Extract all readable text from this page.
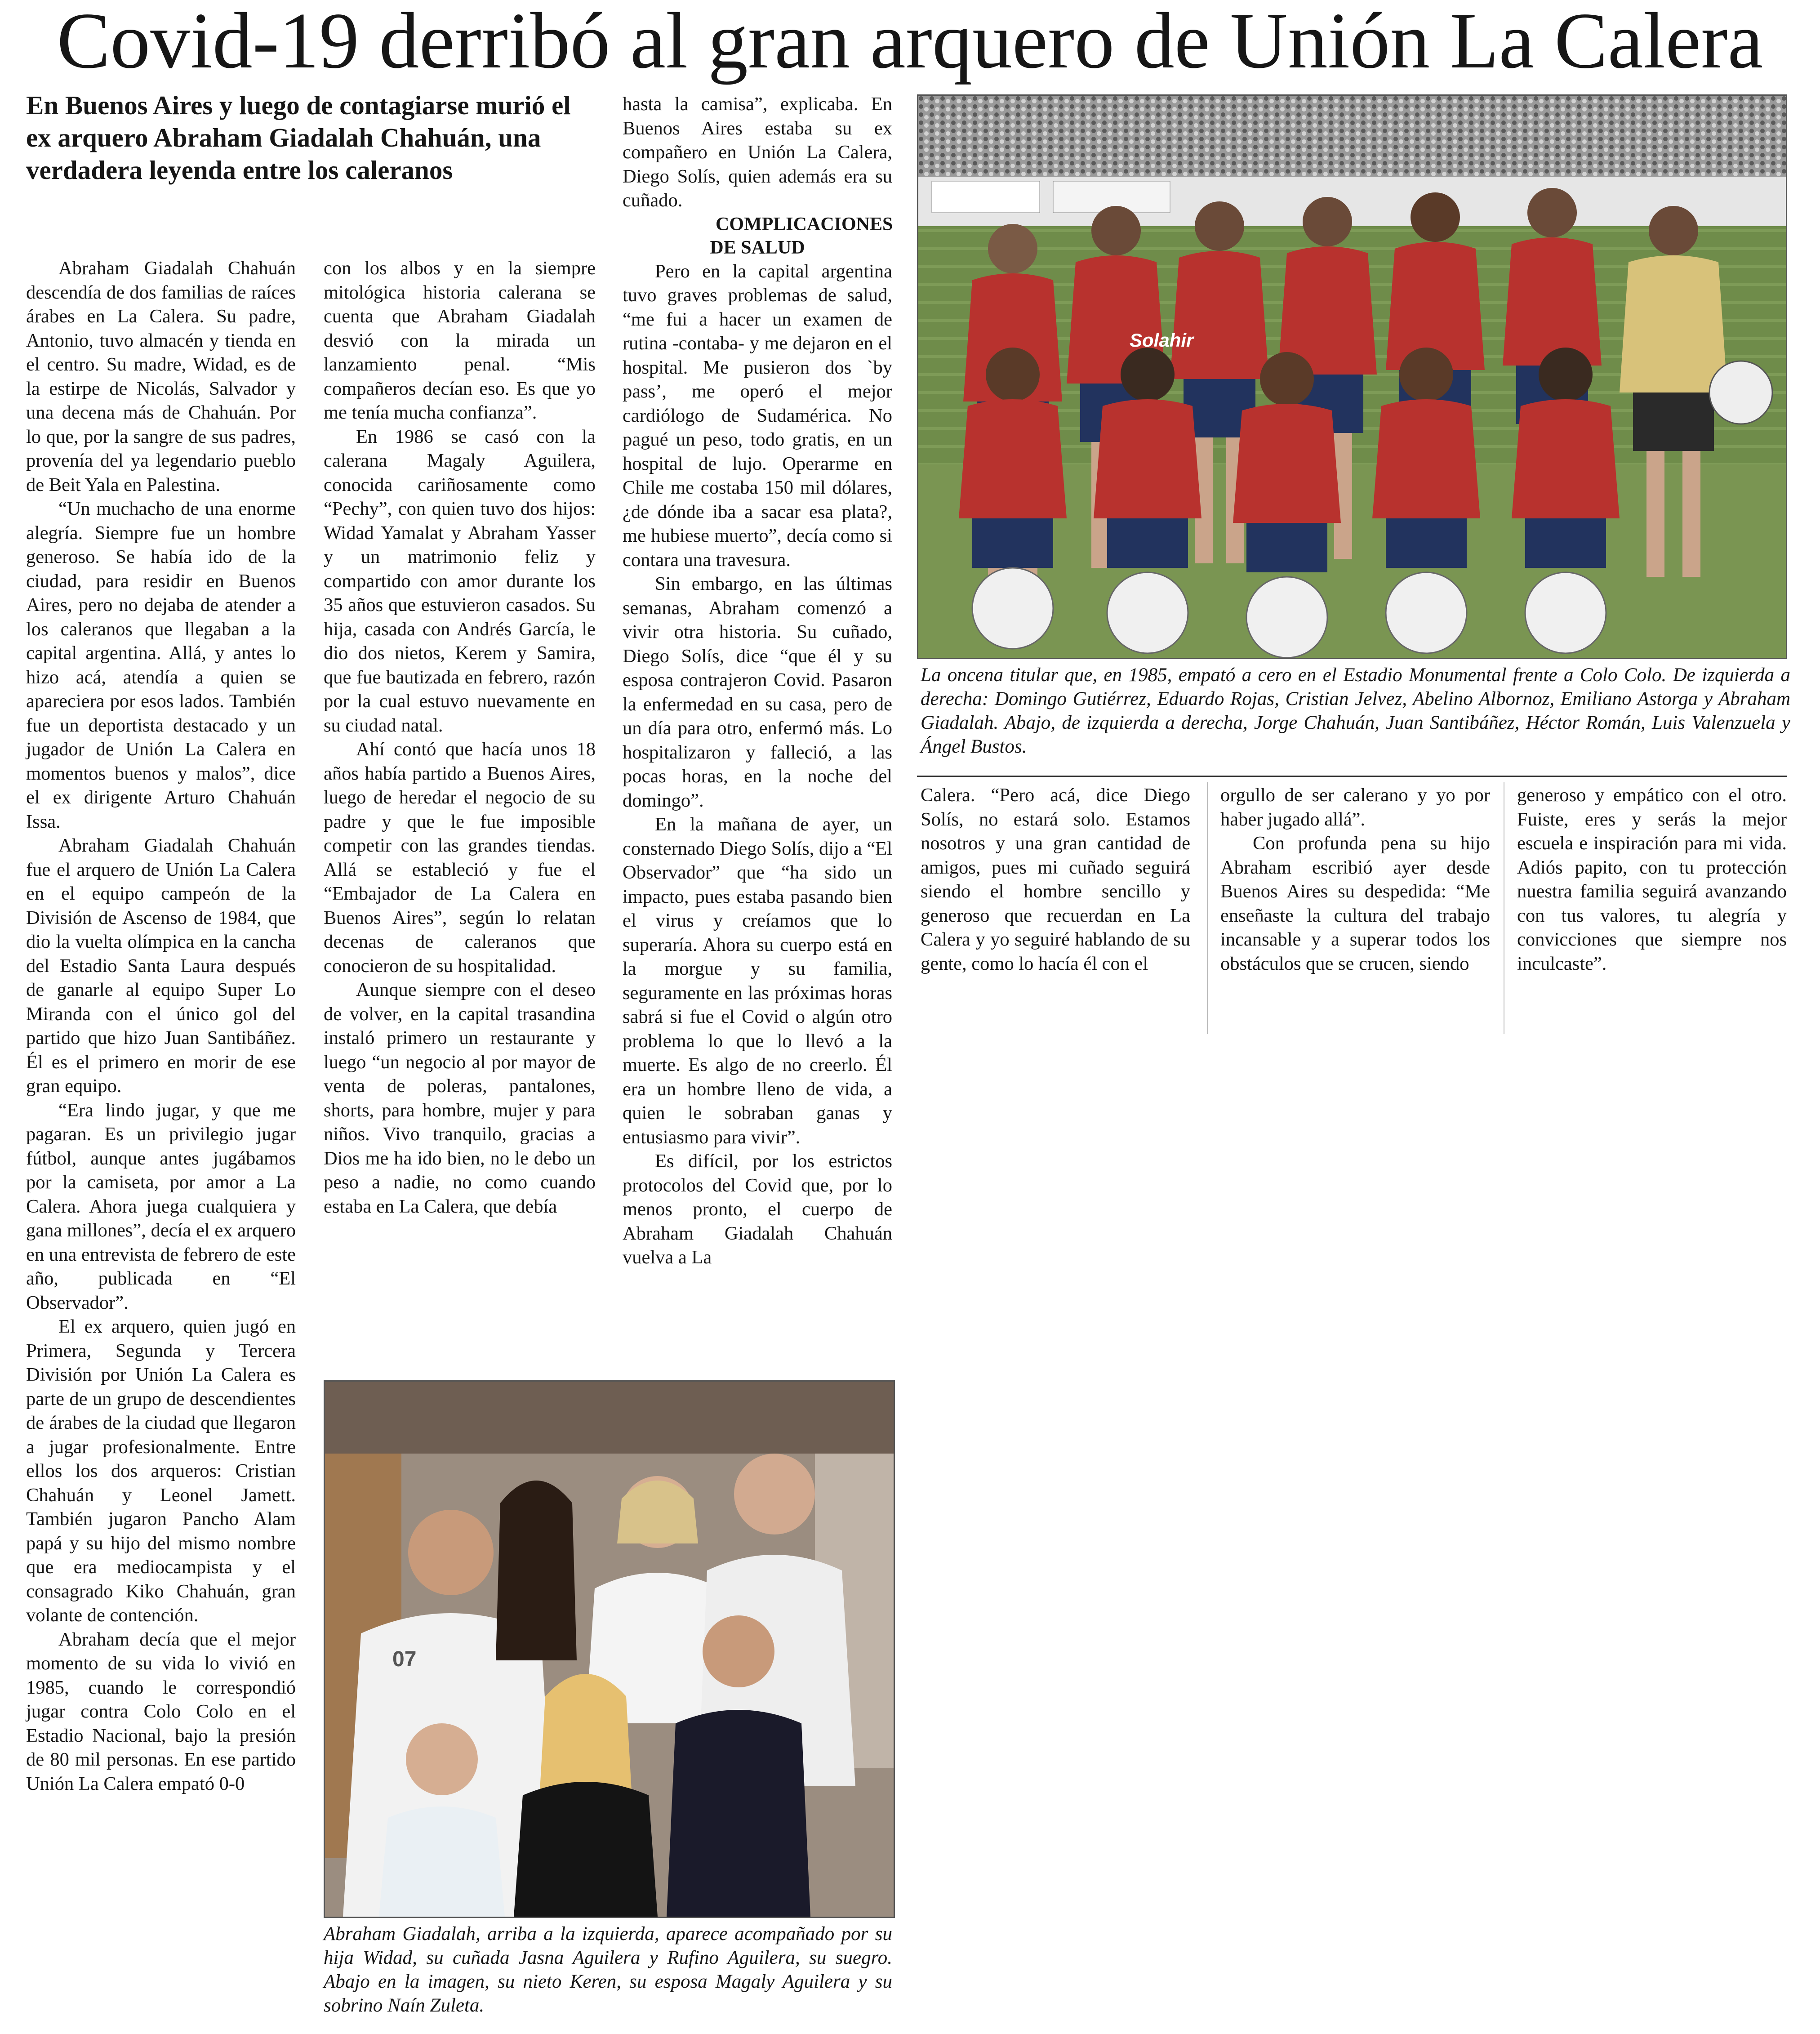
Covid-19 derribó al gran arquero de Unión La Calera
En Buenos Aires y luego de contagiarse murió el ex arquero Abraham Giadalah Chahuán, una verdadera leyenda entre los caleranos

Abraham Giadalah Chahuán descendía de dos familias de raíces árabes en La Calera. Su padre, Antonio, tuvo almacén y tienda en el centro. Su madre, Widad, es de la estirpe de Nicolás, Salvador y una decena más de Chahuán. Por lo que, por la sangre de sus padres, provenía del ya legendario pueblo de Beit Yala en Palestina.

“Un muchacho de una enorme alegría. Siempre fue un hombre generoso. Se había ido de la ciudad, para residir en Buenos Aires, pero no dejaba de atender a los caleranos que llegaban a la capital argentina. Allá, y antes lo hizo acá, atendía a quien se apareciera por esos lados. También fue un deportista destacado y un jugador de Unión La Calera en momentos buenos y malos”, dice el ex dirigente Arturo Chahuán Issa.

Abraham Giadalah Chahuán fue el arquero de Unión La Calera en el equipo campeón de la División de Ascenso de 1984, que dio la vuelta olímpica en la cancha del Estadio Santa Laura después de ganarle al equipo Super Lo Miranda con el único gol del partido que hizo Juan Santibáñez. Él es el primero en morir de ese gran equipo.

“Era lindo jugar, y que me pagaran. Es un privilegio jugar fútbol, aunque antes jugábamos por la camiseta, por amor a La Calera. Ahora juega cualquiera y gana millones”, decía el ex arquero en una entrevista de febrero de este año, publicada en “El Observador”.

El ex arquero, quien jugó en Primera, Segunda y Tercera División por Unión La Calera es parte de un grupo de descendientes de árabes de la ciudad que llegaron a jugar profesionalmente. Entre ellos los dos arqueros: Cristian Chahuán y Leonel Jamett. También jugaron Pancho Alam papá y su hijo del mismo nombre que era mediocampista y el consagrado Kiko Chahuán, gran volante de contención.

Abraham decía que el mejor momento de su vida lo vivió en 1985, cuando le correspondió jugar contra Colo Colo en el Estadio Nacional, bajo la presión de 80 mil personas. En ese partido Unión La Calera empató 0-0

con los albos y en la siempre mitológica historia calerana se cuenta que Abraham Giadalah desvió con la mirada un lanzamiento penal. “Mis compañeros decían eso. Es que yo me tenía mucha confianza”.

En 1986 se casó con la calerana Magaly Aguilera, conocida cariñosamente como “Pechy”, con quien tuvo dos hijos: Widad Yamalat y Abraham Yasser y un matrimonio feliz y compartido con amor durante los 35 años que estuvieron casados. Su hija, casada con Andrés García, le dio dos nietos, Kerem y Samira, que fue bautizada en febrero, razón por la cual estuvo nuevamente en su ciudad natal.

Ahí contó que hacía unos 18 años había partido a Buenos Aires, luego de heredar el negocio de su padre y que le fue imposible competir con las grandes tiendas. Allá se estableció y fue el “Embajador de La Calera en Buenos Aires”, según lo relatan decenas de caleranos que conocieron de su hospitalidad.

Aunque siempre con el deseo de volver, en la capital trasandina instaló primero un restaurante y luego “un negocio al por mayor de venta de poleras, pantalones, shorts, para hombre, mujer y para niños. Vivo tranquilo, gracias a Dios me ha ido bien, no le debo un peso a nadie, no como cuando estaba en La Calera, que debía

hasta la camisa”, explicaba. En Buenos Aires estaba su ex compañero en Unión La Calera, Diego Solís, quien además era su cuñado.

COMPLICACIONES DE SALUD

Pero en la capital argentina tuvo graves problemas de salud, “me fui a hacer un examen de rutina -contaba- y me dejaron en el hospital. Me pusieron dos `by pass’, me operó el mejor cardiólogo de Sudamérica. No pagué un peso, todo gratis, en un hospital de lujo. Operarme en Chile me costaba 150 mil dólares, ¿de dónde iba a sacar esa plata?, me hubiese muerto”, decía como si contara una travesura.

Sin embargo, en las últimas semanas, Abraham comenzó a vivir otra historia. Su cuñado, Diego Solís, dice “que él y su esposa contrajeron Covid. Pasaron la enfermedad en su casa, pero de un día para otro, enfermó más. Lo hospitalizaron y falleció, a las pocas horas, en la noche del domingo”.

En la mañana de ayer, un consternado Diego Solís, dijo a “El Observador” que “ha sido un impacto, pues estaba pasando bien el virus y creíamos que lo superaría. Ahora su cuerpo está en la morgue y su familia, seguramente en las próximas horas sabrá si fue el Covid o algún otro problema lo que lo llevó a la muerte. Es algo de no creerlo. Él era un hombre lleno de vida, a quien le sobraban ganas y entusiasmo para vivir”.

Es difícil, por los estrictos protocolos del Covid que, por lo menos pronto, el cuerpo de Abraham Giadalah Chahuán vuelva a La

Solahir
La oncena titular que, en 1985, empató a cero en el Estadio Monumental frente a Colo Colo. De izquierda a derecha: Domingo Gutiérrez, Eduardo Rojas, Cristian Jelvez, Abelino Albornoz, Emiliano Astorga y Abraham Giadalah. Abajo, de izquierda a derecha, Jorge Chahuán, Juan Santibáñez, Héctor Román, Luis Valenzuela y Ángel Bustos.

Calera. “Pero acá, dice Diego Solís, no estará solo. Estamos nosotros y una gran cantidad de amigos, pues mi cuñado seguirá siendo el hombre sencillo y generoso que recuerdan en La Calera y yo seguiré hablando de su gente, como lo hacía él con el

orgullo de ser calerano y yo por haber jugado allá”.

Con profunda pena su hijo Abraham escribió ayer desde Buenos Aires su despedida: “Me enseñaste la cultura del trabajo incansable y a superar todos los obstáculos que se crucen, siendo

generoso y empático con el otro. Fuiste, eres y serás la mejor escuela e inspiración para mi vida. Adiós papito, con tu protección nuestra familia seguirá avanzando con tus valores, tu alegría y convicciones que siempre nos inculcaste”.

07
Abraham Giadalah, arriba a la izquierda, aparece acompañado por su hija Widad, su cuñada Jasna Aguilera y Rufino Aguilera, su suegro. Abajo en la imagen, su nieto Keren, su esposa Magaly Aguilera y su sobrino Naín Zuleta.
